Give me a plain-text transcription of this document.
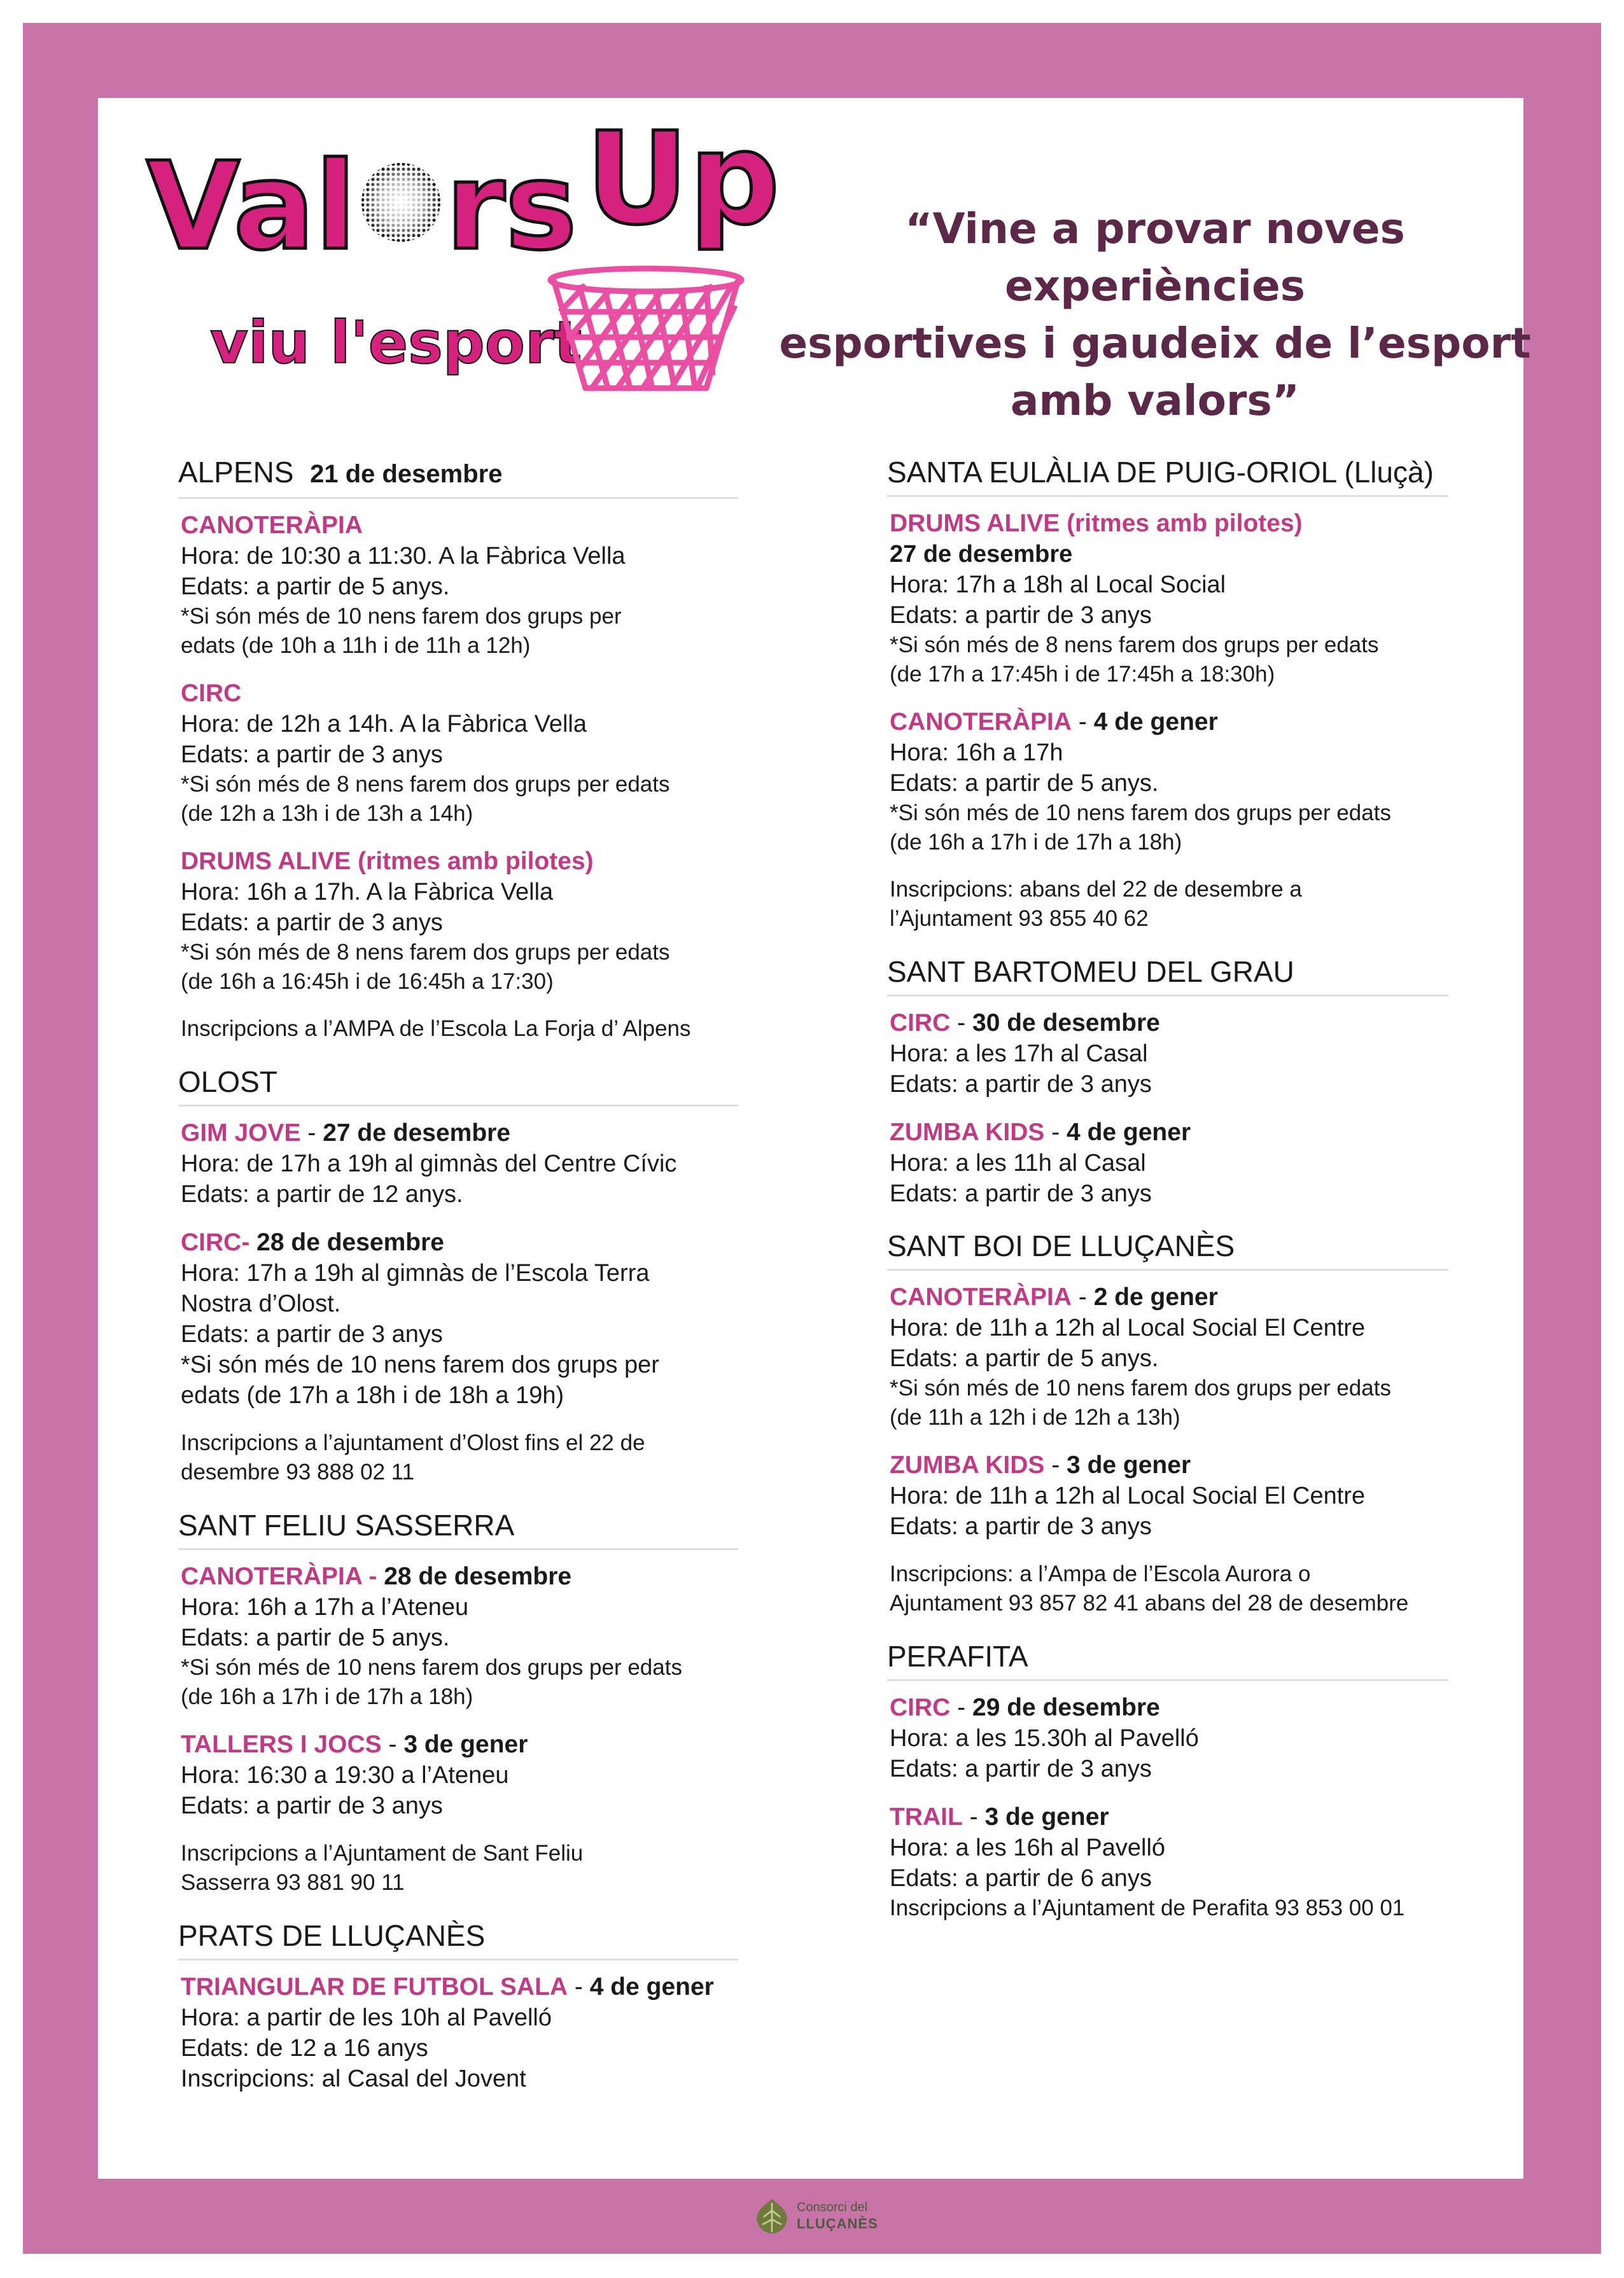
Val rs Up
viu l'esport
“Vine a provar noves experiències
esportives i gaudeix de l’esport
amb valors”
ALPENS 21 de desembre
CANOTERÀPIA
Hora: de 10:30 a 11:30. A la Fàbrica Vella
Edats: a partir de 5 anys.
*Si són més de 10 nens farem dos grups per
edats (de 10h a 11h i de 11h a 12h)
CIRC
Hora: de 12h a 14h. A la Fàbrica Vella
Edats: a partir de 3 anys
*Si són més de 8 nens farem dos grups per edats
(de 12h a 13h i de 13h a 14h)
DRUMS ALIVE (ritmes amb pilotes)
Hora: 16h a 17h. A la Fàbrica Vella
Edats: a partir de 3 anys
*Si són més de 8 nens farem dos grups per edats
(de 16h a 16:45h i de 16:45h a 17:30)
Inscripcions a l’AMPA de l’Escola La Forja d’ Alpens
OLOST
GIM JOVE - 27 de desembre
Hora: de 17h a 19h al gimnàs del Centre Cívic
Edats: a partir de 12 anys.
CIRC- 28 de desembre
Hora: 17h a 19h al gimnàs de l’Escola Terra
Nostra d’Olost.
Edats: a partir de 3 anys
*Si són més de 10 nens farem dos grups per
edats (de 17h a 18h i de 18h a 19h)
Inscripcions a l’ajuntament d’Olost fins el 22 de
desembre 93 888 02 11
SANT FELIU SASSERRA
CANOTERÀPIA - 28 de desembre
Hora: 16h a 17h a l’Ateneu
Edats: a partir de 5 anys.
*Si són més de 10 nens farem dos grups per edats
(de 16h a 17h i de 17h a 18h)
TALLERS I JOCS - 3 de gener
Hora: 16:30 a 19:30 a l’Ateneu
Edats: a partir de 3 anys
Inscripcions a l’Ajuntament de Sant Feliu
Sasserra 93 881 90 11
PRATS DE LLUÇANÈS
TRIANGULAR DE FUTBOL SALA - 4 de gener
Hora: a partir de les 10h al Pavelló
Edats: de 12 a 16 anys
Inscripcions: al Casal del Jovent
SANTA EULÀLIA DE PUIG-ORIOL (Lluçà)
DRUMS ALIVE (ritmes amb pilotes)
27 de desembre
Hora: 17h a 18h al Local Social
Edats: a partir de 3 anys
*Si són més de 8 nens farem dos grups per edats
(de 17h a 17:45h i de 17:45h a 18:30h)
CANOTERÀPIA - 4 de gener
Hora: 16h a 17h
Edats: a partir de 5 anys.
*Si són més de 10 nens farem dos grups per edats
(de 16h a 17h i de 17h a 18h)
Inscripcions: abans del 22 de desembre a
l’Ajuntament 93 855 40 62
SANT BARTOMEU DEL GRAU
CIRC - 30 de desembre
Hora: a les 17h al Casal
Edats: a partir de 3 anys
ZUMBA KIDS - 4 de gener
Hora: a les 11h al Casal
Edats: a partir de 3 anys
SANT BOI DE LLUÇANÈS
CANOTERÀPIA - 2 de gener
Hora: de 11h a 12h al Local Social El Centre
Edats: a partir de 5 anys.
*Si són més de 10 nens farem dos grups per edats
(de 11h a 12h i de 12h a 13h)
ZUMBA KIDS - 3 de gener
Hora: de 11h a 12h al Local Social El Centre
Edats: a partir de 3 anys
Inscripcions: a l’Ampa de l’Escola Aurora o
Ajuntament 93 857 82 41 abans del 28 de desembre
PERAFITA
CIRC - 29 de desembre
Hora: a les 15.30h al Pavelló
Edats: a partir de 3 anys
TRAIL - 3 de gener
Hora: a les 16h al Pavelló
Edats: a partir de 6 anys
Inscripcions a l’Ajuntament de Perafita 93 853 00 01
Consorci del
LLUÇANÈS
